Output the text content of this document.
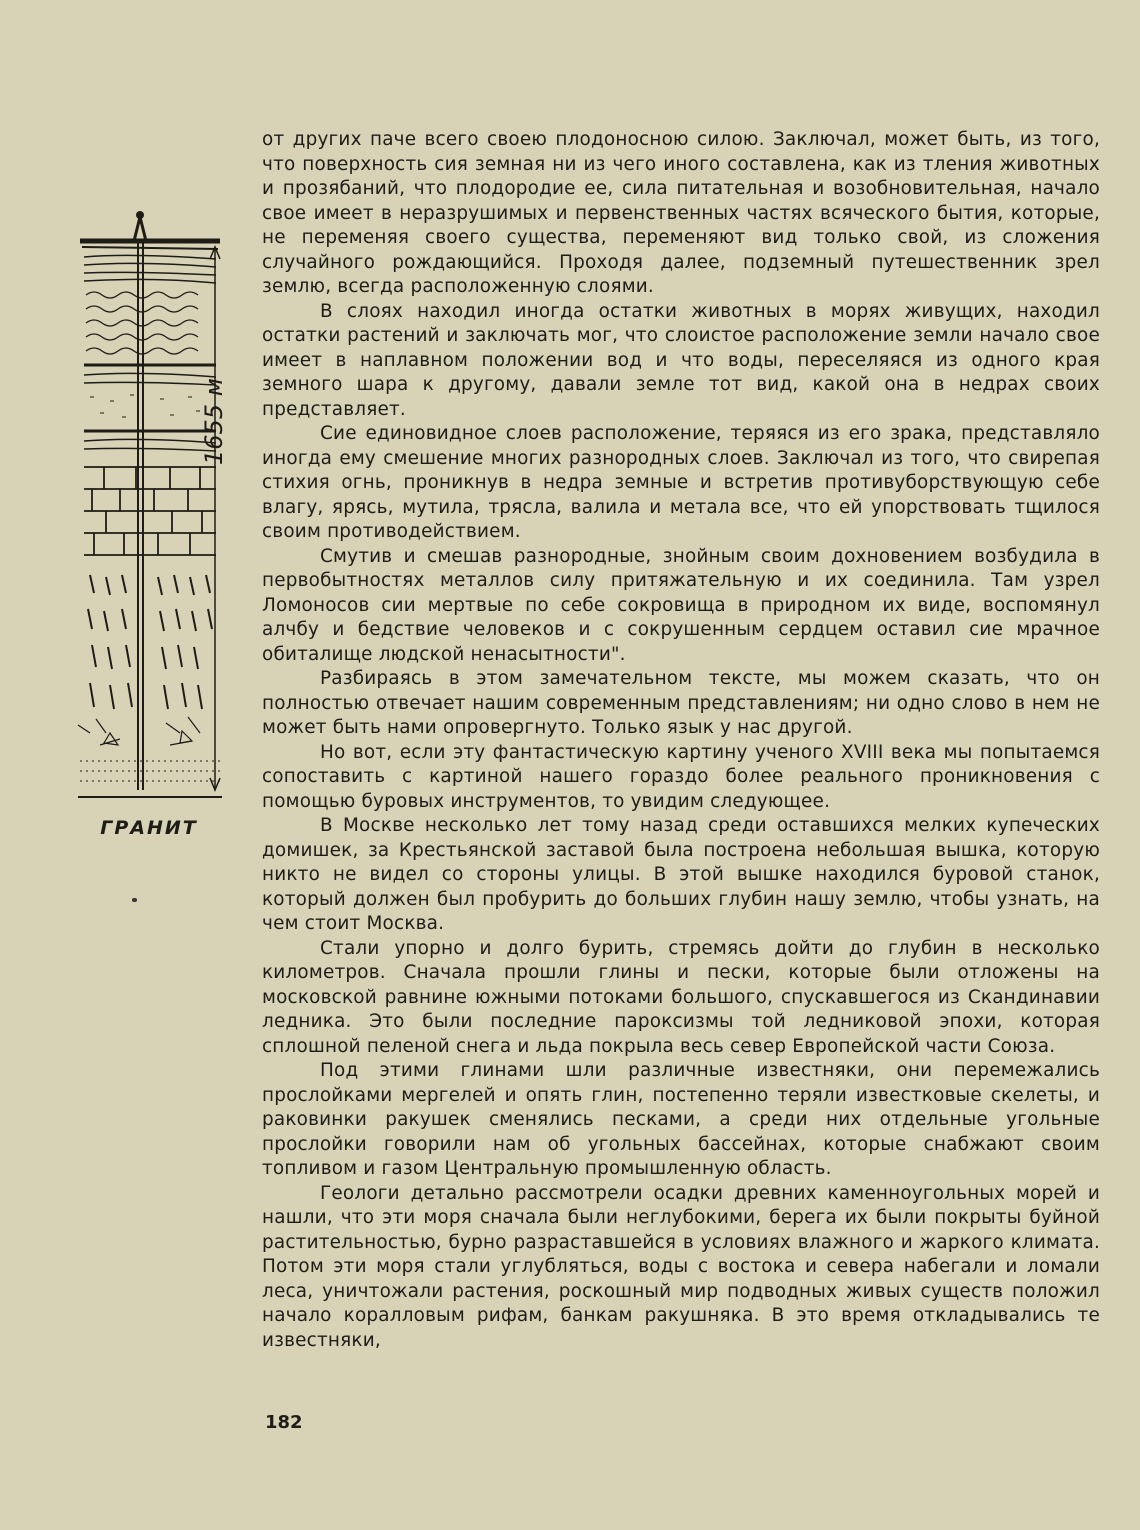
1655 м
ГРАНИТ

от других паче всего своею плодоносною силою. Заключал, может быть, из того, что поверхность сия земная ни из чего иного составлена, как из тления животных и прозябаний, что плодородие ее, сила питательная и возобновительная, начало свое имеет в неразрушимых и первенственных частях всяческого бытия, которые, не переменяя своего существа, переменяют вид только свой, из сложения случайного рождающийся. Проходя далее, подземный путешественник зрел землю, всегда расположенную слоями.

В слоях находил иногда остатки животных в морях живущих, находил остатки растений и заключать мог, что слоистое расположение земли начало свое имеет в наплавном положении вод и что воды, переселяяся из одного края земного шара к другому, давали земле тот вид, какой она в недрах своих представляет.

Сие единовидное слоев расположение, теряяся из его зрака, представляло иногда ему смешение многих разнородных слоев. Заключал из того, что свирепая стихия огнь, проникнув в недра земные и встретив противуборствующую себе влагу, ярясь, мутила, трясла, валила и метала все, что ей упорствовать тщилося своим противодействием.

Смутив и смешав разнородные, знойным своим дохновением возбудила в первобытностях металлов силу притяжательную и их соединила. Там узрел Ломоносов сии мертвые по себе сокровища в природном их виде, воспомянул алчбу и бедствие человеков и с сокрушенным сердцем оставил сие мрачное обиталище людской ненасытности".

Разбираясь в этом замечательном тексте, мы можем сказать, что он полностью отвечает нашим современным представлениям; ни одно слово в нем не может быть нами опровергнуто. Только язык у нас другой.

Но вот, если эту фантастическую картину ученого XVIII века мы попытаемся сопоставить с картиной нашего гораздо более реального проникновения с помощью буровых инструментов, то увидим следующее.

В Москве несколько лет тому назад среди оставшихся мелких купеческих домишек, за Крестьянской заставой была построена небольшая вышка, которую никто не видел со стороны улицы. В этой вышке находился буровой станок, который должен был пробурить до больших глубин нашу землю, чтобы узнать, на чем стоит Москва.

Стали упорно и долго бурить, стремясь дойти до глубин в несколько километров. Сначала прошли глины и пески, которые были отложены на московской равнине южными потоками большого, спускавшегося из Скандинавии ледника. Это были последние пароксизмы той ледниковой эпохи, которая сплошной пеленой снега и льда покрыла весь север Европейской части Союза.

Под этими глинами шли различные известняки, они перемежались прослойками мергелей и опять глин, постепенно теряли известковые скелеты, и раковинки ракушек сменялись песками, а среди них отдельные угольные прослойки говорили нам об угольных бассейнах, которые снабжают своим топливом и газом Центральную промышленную область.

Геологи детально рассмотрели осадки древних каменноугольных морей и нашли, что эти моря сначала были неглубокими, берега их были покрыты буйной растительностью, бурно разраставшейся в условиях влажного и жаркого климата. Потом эти моря стали углубляться, воды с востока и севера набегали и ломали леса, уничтожали растения, роскошный мир подводных живых существ положил начало коралловым рифам, банкам ракушняка. В это время откладывались те известняки,

182
